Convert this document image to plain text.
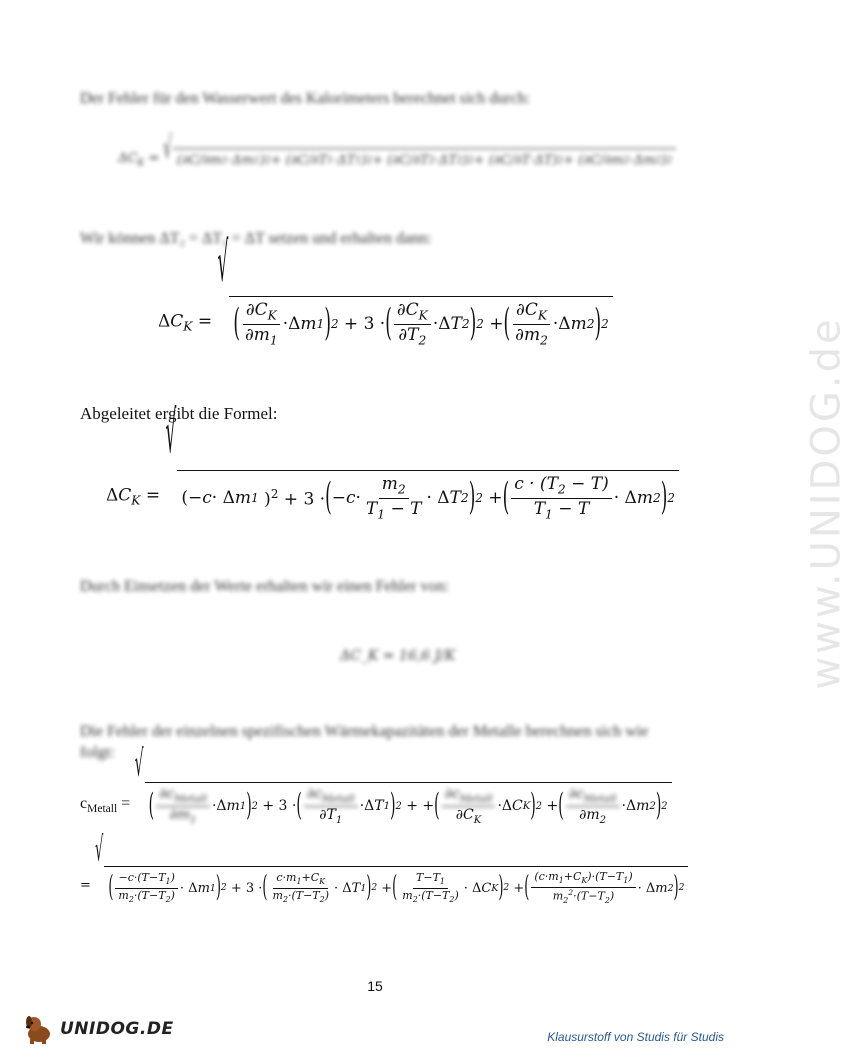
www.UNIDOG.de
Der Fehler für den Wasserwert des Kalorimeters berechnet sich durch:
$\Delta C_K$ = √ (∂C/∂m 1 ·Δm 1 ) 2 + (∂C/∂T 1 ·ΔT 1 ) 2 + (∂C/∂T 2 ·ΔT 2 ) 2 + (∂C/∂T·ΔT) 2 + (∂C/∂m 2 ·Δm 2 ) 2
Wir können ΔT₂ = ΔT₁ = ΔT setzen und erhalten dann:
$\Delta C_K$ =
√
( $\frac{\partial C_K}{\partial m_1} \cdot\Delta$ m 1 ) 2 + 3 · ( $\frac{\partial C_K}{\partial T_2} \cdot\Delta$ T 2 ) 2 + ( $\frac{\partial C_K}{\partial m_2} \cdot\Delta$ m 2 ) 2
Abgeleitet ergibt die Formel:
$\Delta C_K$ =
√
(− c · Δ m 1 )$^2$ + 3 · ( − $c \cdot \frac{m_2}{T_1 - T} \cdot \Delta$ T 2 ) 2 + ( $\frac{c \cdot (T_2 - T)}{T_1 - T} \cdot \Delta$ m 2 ) 2
Durch Einsetzen der Werte erhalten wir einen Fehler von:
ΔC_K = 16,6 J/K
Die Fehler der einzelnen spezifischen Wärmekapazitäten der Metalle berechnen sich wie folgt:
$c_{Metall}$ =
√
( $\frac{\partial c_{Metall}}{\partial m_1} \cdot\Delta$ m 1 ) 2 + 3 · ( $\frac{\partial c_{Metall}}{\partial T_1} \cdot\Delta$ T 1 ) 2 + + ( $\frac{\partial c_{Metall}}{\partial C_K} \cdot\Delta$ C K ) 2 + ( $\frac{\partial c_{Metall}}{\partial m_2} \cdot\Delta$ m 2 ) 2
=
√
( $\frac{-c\cdot(T-T_1)}{m_2\cdot(T-T_2)} \cdot \Delta$ m 1 ) 2 + 3 · ( $\frac{c\cdot m_1+C_K}{m_2\cdot(T-T_2)} \cdot \Delta$ T 1 ) 2 + ( $\frac{T-T_1}{m_2\cdot(T-T_2)} \cdot \Delta$ C K ) 2 + ( $\frac{(c\cdot m_1+C_K)\cdot(T-T_1)}{m_2^2\cdot(T-T_2)} \cdot \Delta$ m 2 ) 2
15
UNIDOG.DE	Klausurstoff von Studis für Studis
